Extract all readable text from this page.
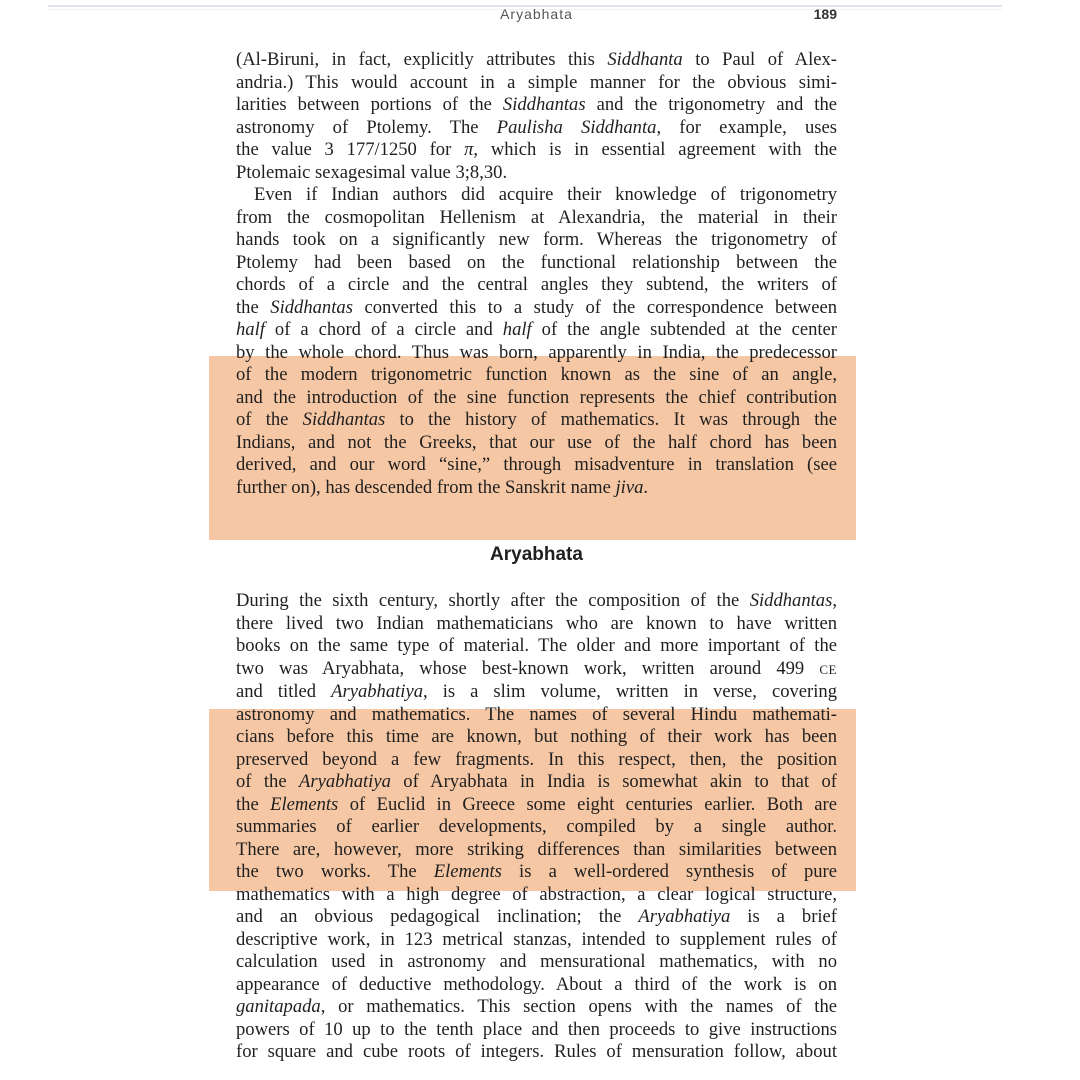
Aryabhata	189
(Al-Biruni, in fact, explicitly attributes this Siddhanta to Paul of Alex-
andria.) This would account in a simple manner for the obvious simi-
larities between portions of the Siddhantas and the trigonometry and the
astronomy of Ptolemy. The Paulisha Siddhanta, for example, uses
the value 3 177/1250 for π, which is in essential agreement with the
Ptolemaic sexagesimal value 3;8,30.
Even if Indian authors did acquire their knowledge of trigonometry
from the cosmopolitan Hellenism at Alexandria, the material in their
hands took on a significantly new form. Whereas the trigonometry of
Ptolemy had been based on the functional relationship between the
chords of a circle and the central angles they subtend, the writers of
the Siddhantas converted this to a study of the correspondence between
half of a chord of a circle and half of the angle subtended at the center
by the whole chord. Thus was born, apparently in India, the predecessor
of the modern trigonometric function known as the sine of an angle,
and the introduction of the sine function represents the chief contribution
of the Siddhantas to the history of mathematics. It was through the
Indians, and not the Greeks, that our use of the half chord has been
derived, and our word “sine,” through misadventure in translation (see
further on), has descended from the Sanskrit name jiva.
Aryabhata
During the sixth century, shortly after the composition of the Siddhantas,
there lived two Indian mathematicians who are known to have written
books on the same type of material. The older and more important of the
two was Aryabhata, whose best-known work, written around 499 CE
and titled Aryabhatiya, is a slim volume, written in verse, covering
astronomy and mathematics. The names of several Hindu mathemati-
cians before this time are known, but nothing of their work has been
preserved beyond a few fragments. In this respect, then, the position
of the Aryabhatiya of Aryabhata in India is somewhat akin to that of
the Elements of Euclid in Greece some eight centuries earlier. Both are
summaries of earlier developments, compiled by a single author.
There are, however, more striking differences than similarities between
the two works. The Elements is a well-ordered synthesis of pure
mathematics with a high degree of abstraction, a clear logical structure,
and an obvious pedagogical inclination; the Aryabhatiya is a brief
descriptive work, in 123 metrical stanzas, intended to supplement rules of
calculation used in astronomy and mensurational mathematics, with no
appearance of deductive methodology. About a third of the work is on
ganitapada, or mathematics. This section opens with the names of the
powers of 10 up to the tenth place and then proceeds to give instructions
for square and cube roots of integers. Rules of mensuration follow, about
